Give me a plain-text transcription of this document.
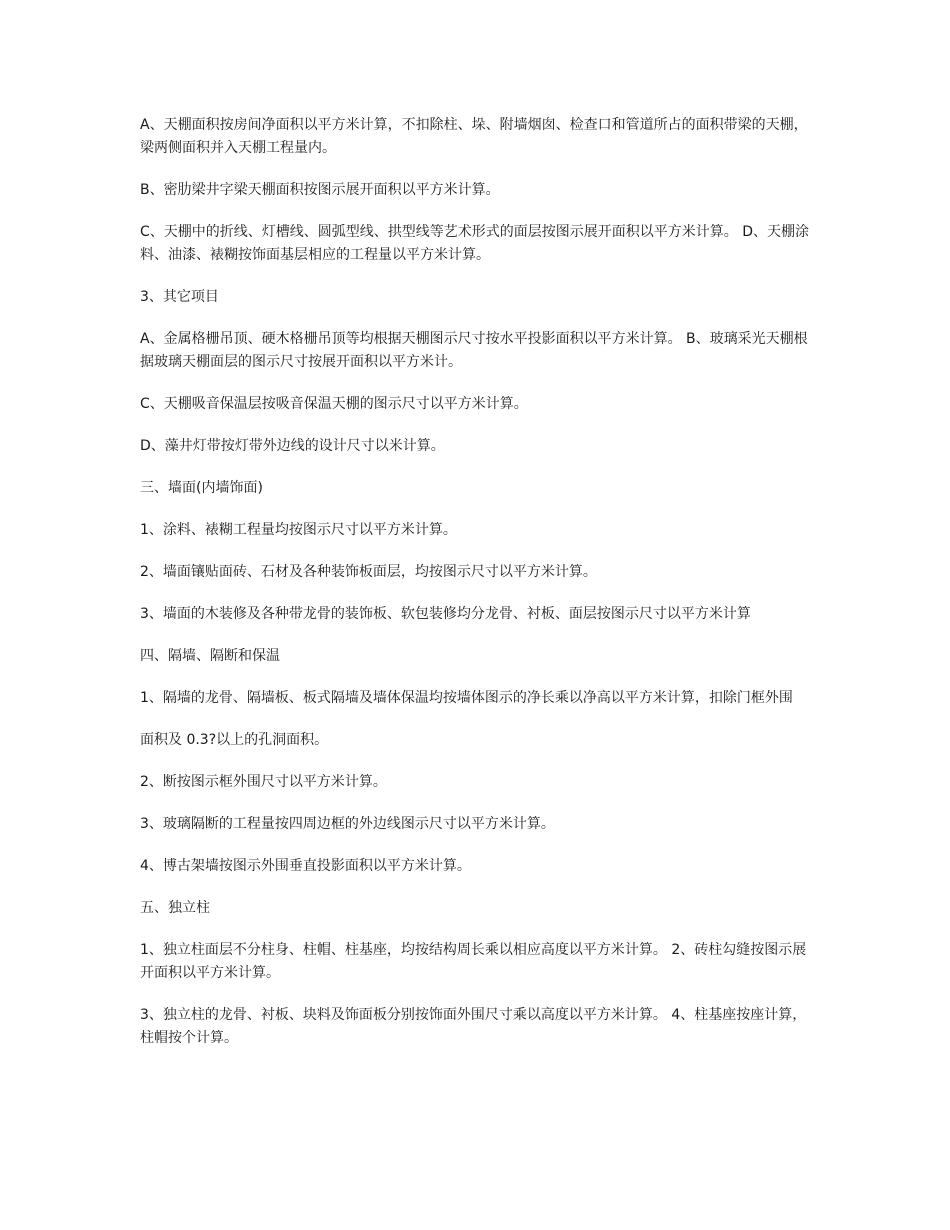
A、天棚面积按房间净面积以平方米计算，不扣除柱、垛、附墙烟囱、检查口和管道所占的面积带梁的天棚，梁两侧面积并入天棚工程量内。

B、密肋梁井字梁天棚面积按图示展开面积以平方米计算。

C、天棚中的折线、灯槽线、圆弧型线、拱型线等艺术形式的面层按图示展开面积以平方米计算。 D、天棚涂料、油漆、裱糊按饰面基层相应的工程量以平方米计算。

3、其它项目

A、金属格栅吊顶、硬木格栅吊顶等均根据天棚图示尺寸按水平投影面积以平方米计算。 B、玻璃采光天棚根据玻璃天棚面层的图示尺寸按展开面积以平方米计。

C、天棚吸音保温层按吸音保温天棚的图示尺寸以平方米计算。

D、藻井灯带按灯带外边线的设计尺寸以米计算。

三、墙面(内墙饰面)

1、涂料、裱糊工程量均按图示尺寸以平方米计算。

2、墙面镶贴面砖、石材及各种装饰板面层，均按图示尺寸以平方米计算。

3、墙面的木装修及各种带龙骨的装饰板、软包装修均分龙骨、衬板、面层按图示尺寸以平方米计算

四、隔墙、隔断和保温

1、隔墙的龙骨、隔墙板、板式隔墙及墙体保温均按墙体图示的净长乘以净高以平方米计算，扣除门框外围

面积及 0.3?以上的孔洞面积。

2、断按图示框外围尺寸以平方米计算。

3、玻璃隔断的工程量按四周边框的外边线图示尺寸以平方米计算。

4、博古架墙按图示外围垂直投影面积以平方米计算。

五、独立柱

1、独立柱面层不分柱身、柱帽、柱基座，均按结构周长乘以相应高度以平方米计算。 2、砖柱勾缝按图示展开面积以平方米计算。

3、独立柱的龙骨、衬板、块料及饰面板分别按饰面外围尺寸乘以高度以平方米计算。 4、柱基座按座计算，柱帽按个计算。
